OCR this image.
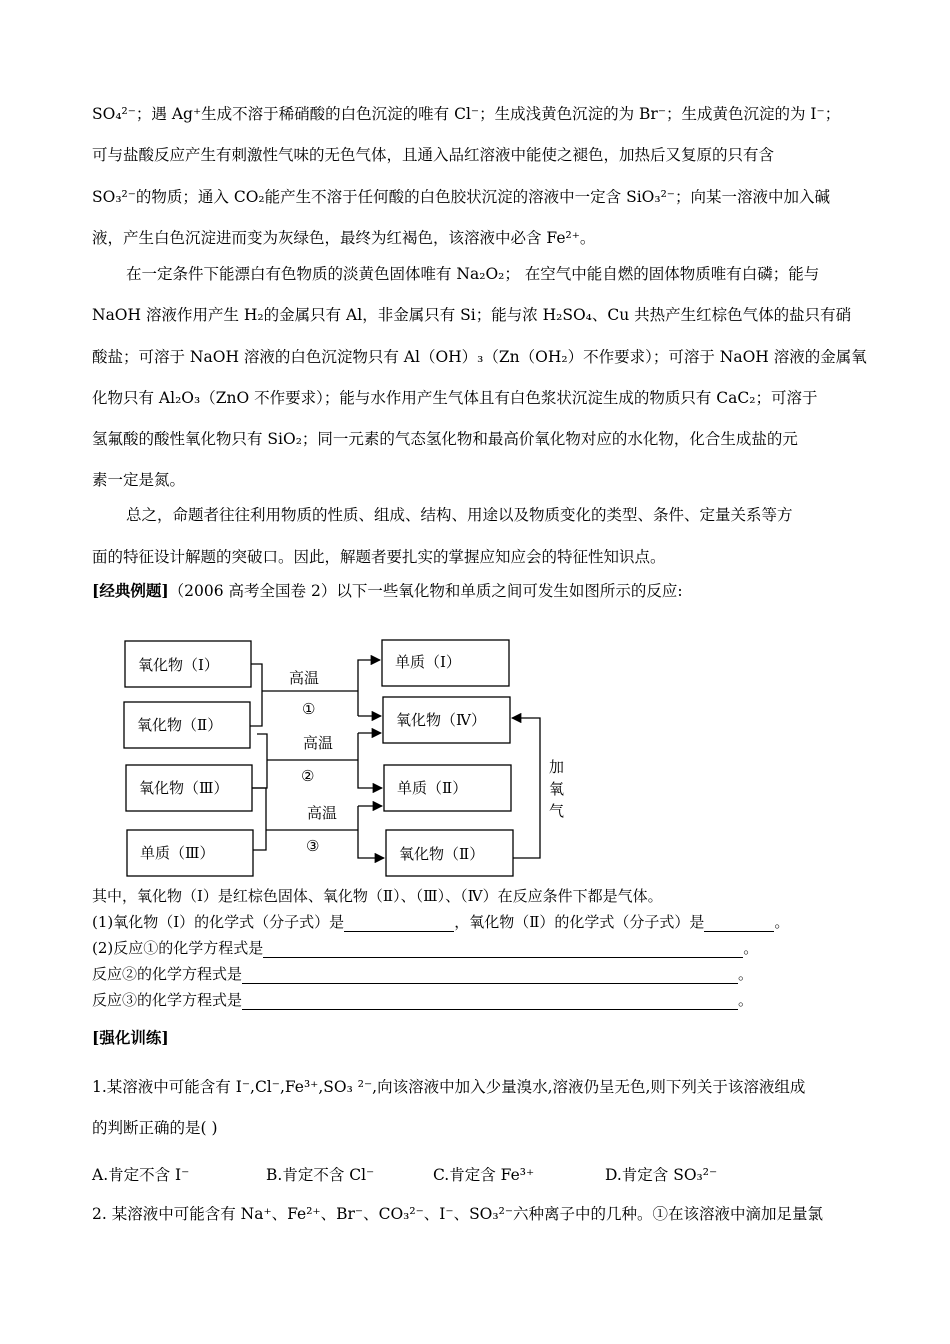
SO₄²⁻；遇 Ag⁺生成不溶于稀硝酸的白色沉淀的唯有 Cl⁻；生成浅黄色沉淀的为 Br⁻；生成黄色沉淀的为 I⁻；
可与盐酸反应产生有刺激性气味的无色气体，且通入品红溶液中能使之褪色，加热后又复原的只有含
SO₃²⁻的物质；通入 CO₂能产生不溶于任何酸的白色胶状沉淀的溶液中一定含 SiO₃²⁻；向某一溶液中加入碱
液，产生白色沉淀进而变为灰绿色，最终为红褐色，该溶液中必含 Fe²⁺。
在一定条件下能漂白有色物质的淡黄色固体唯有 Na₂O₂； 在空气中能自燃的固体物质唯有白磷；能与
NaOH 溶液作用产生 H₂的金属只有 Al，非金属只有 Si；能与浓 H₂SO₄、Cu 共热产生红棕色气体的盐只有硝
酸盐；可溶于 NaOH 溶液的白色沉淀物只有 Al（OH）₃（Zn（OH₂）不作要求）；可溶于 NaOH 溶液的金属氧
化物只有 Al₂O₃（ZnO 不作要求）；能与水作用产生气体且有白色浆状沉淀生成的物质只有 CaC₂；可溶于
氢氟酸的酸性氧化物只有 SiO₂；同一元素的气态氢化物和最高价氧化物对应的水化物，化合生成盐的元
素一定是氮。
总之，命题者往往利用物质的性质、组成、结构、用途以及物质变化的类型、条件、定量关系等方
面的特征设计解题的突破口。因此，解题者要扎实的掌握应知应会的特征性知识点。
[经典例题]（2006 高考全国卷 2）以下一些氧化物和单质之间可发生如图所示的反应:
氧化物（Ⅰ）
氧化物（Ⅱ）
氧化物（Ⅲ）
单质（Ⅲ）
单质（Ⅰ）
氧化物（Ⅳ）
单质（Ⅱ）
氧化物（Ⅱ）
高温
①
高温
②
高温
③
加
氧
气
其中，氧化物（Ⅰ）是红棕色固体、氧化物（Ⅱ）、（Ⅲ）、（Ⅳ）在反应条件下都是气体。
(1)氧化物（Ⅰ）的化学式（分子式）是	，氧化物（Ⅱ）的化学式（分子式）是	。
(2)反应①的化学方程式是	。
反应②的化学方程式是	。
反应③的化学方程式是	。
[强化训练]
1.某溶液中可能含有 I⁻,Cl⁻,Fe³⁺,SO₃ ²⁻,向该溶液中加入少量溴水,溶液仍呈无色,则下列关于该溶液组成
的判断正确的是( )
A.肯定不含 I⁻	B.肯定不含 Cl⁻	C.肯定含 Fe³⁺	D.肯定含 SO₃²⁻
2. 某溶液中可能含有 Na⁺、Fe²⁺、Br⁻、CO₃²⁻、I⁻、SO₃²⁻六种离子中的几种。①在该溶液中滴加足量氯
